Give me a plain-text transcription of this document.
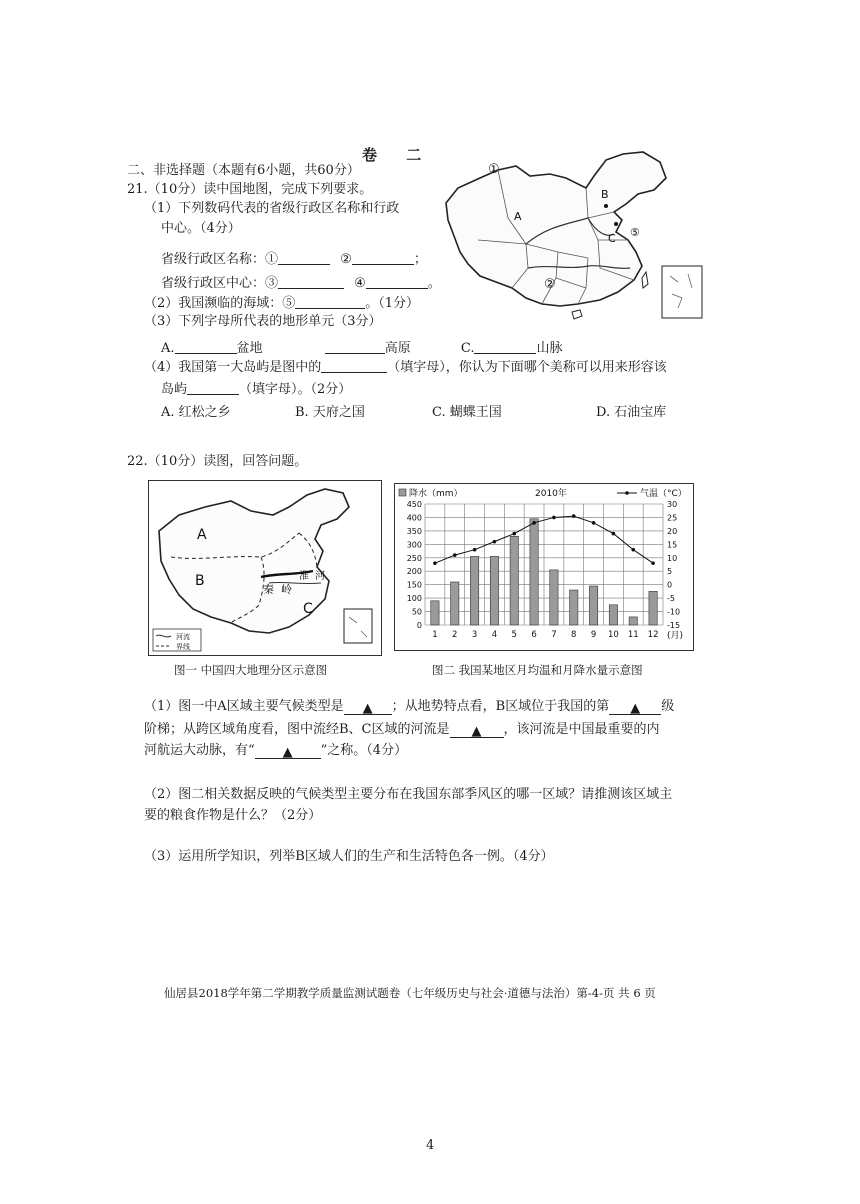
卷 二
二、非选择题（本题有6小题，共60分）
21.（10分）读中国地图，完成下列要求。
（1）下列数码代表的省级行政区名称和行政
中心。（4分）
省级行政区名称：①	②	；
省级行政区中心：③	④	。
（2）我国濒临的海域：⑤	。（1分）
（3）下列字母所代表的地形单元（3分）
A.	盆地	高原	C.	山脉
（4）我国第一大岛屿是图中的	（填字母），你认为下面哪个美称可以用来形容该
岛屿	（填字母）。（2分）
A. 红松之乡	B. 天府之国	C. 蝴蝶王国	D. 石油宝库
①
②
⑤
A
B
C
22.（10分）读图，回答问题。
A
B
C
秦 岭
淮 河
河流
界线
图一 中国四大地理分区示意图
0
50
100
150
200
250
300
350
400
450	30
25
20
15
10
5
0
-5
-10
-15
1 2 3 4 5 6 7 8 9 10 11 12
降水（mm）	2010年	气温（°C）
(月)
图二 我国某地区月均温和月降水量示意图
（1）图一中A区域主要气候类型是 ▲ ；从地势特点看，B区域位于我国的第 ▲ 级
阶梯；从跨区域角度看，图中流经B、C区域的河流是 ▲ ，该河流是中国最重要的内
河航运大动脉，有“ ▲ ”之称。（4分）
（2）图二相关数据反映的气候类型主要分布在我国东部季风区的哪一区域？请推测该区域主
要的粮食作物是什么？（2分）
（3）运用所学知识，列举B区域人们的生产和生活特色各一例。（4分）
仙居县2018学年第二学期教学质量监测试题卷（七年级历史与社会·道德与法治）第-4-页 共 6 页
4
